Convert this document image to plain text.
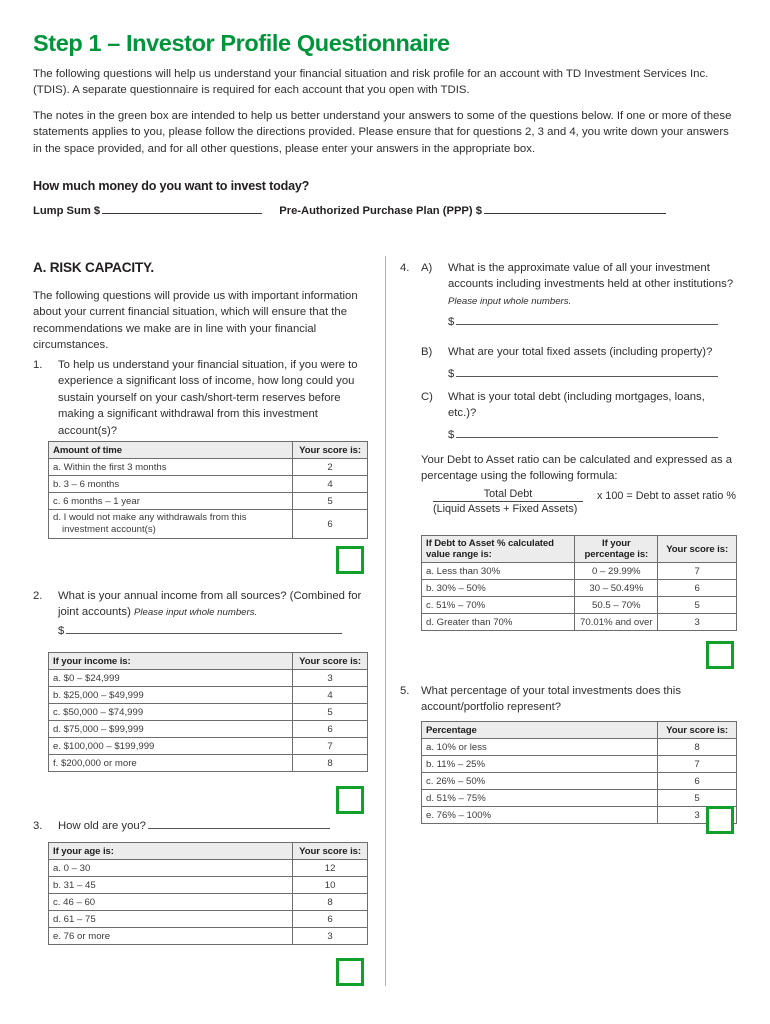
Step 1 – Investor Profile Questionnaire
The following questions will help us understand your financial situation and risk profile for an account with TD Investment Services Inc. (TDIS). A separate questionnaire is required for each account that you open with TDIS.
The notes in the green box are intended to help us better understand your answers to some of the questions below. If one or more of these statements applies to you, please follow the directions provided. Please ensure that for questions 2, 3 and 4, you write down your answers in the space provided, and for all other questions, please enter your answers in the appropriate box.
How much money do you want to invest today?
Lump Sum $	Pre-Authorized Purchase Plan (PPP) $
A. RISK CAPACITY.
The following questions will provide us with important information about your current financial situation, which will ensure that the recommendations we make are in line with your financial circumstances.
1. To help us understand your financial situation, if you were to experience a significant loss of income, how long could you sustain yourself on your cash/short-term reserves before making a significant withdrawal from this investment account(s)?
Amount of time	Your score is:
a. Within the first 3 months	2
b. 3 – 6 months	4
c. 6 months – 1 year	5
d. I would not make any withdrawals from this
investment account(s)	6
2. What is your annual income from all sources? (Combined for joint accounts) Please input whole numbers.
$
If your income is:	Your score is:
a. $0 – $24,999	3
b. $25,000 – $49,999	4
c. $50,000 – $74,999	5
d. $75,000 – $99,999	6
e. $100,000 – $199,999	7
f. $200,000 or more	8
3. How old are you?
If your age is:	Your score is:
a. 0 – 30	12
b. 31 – 45	10
c. 46 – 60	8
d. 61 – 75	6
e. 76 or more	3
4. A) What is the approximate value of all your investment accounts including investments held at other institutions? Please input whole numbers.
$
B) What are your total fixed assets (including property)?
$
C) What is your total debt (including mortgages, loans, etc.)?
$
Your Debt to Asset ratio can be calculated and expressed as a percentage using the following formula:
Total Debt	x 100 = Debt to asset ratio %
(Liquid Assets + Fixed Assets)
If Debt to Asset % calculated value range is:	If your percentage is:	Your score is:
a. Less than 30%	0 – 29.99%	7
b. 30% – 50%	30 – 50.49%	6
c. 51% – 70%	50.5 – 70%	5
d. Greater than 70%	70.01% and over	3
5. What percentage of your total investments does this account/portfolio represent?
Percentage	Your score is:
a. 10% or less	8
b. 11% – 25%	7
c. 26% – 50%	6
d. 51% – 75%	5
e. 76% – 100%	3
